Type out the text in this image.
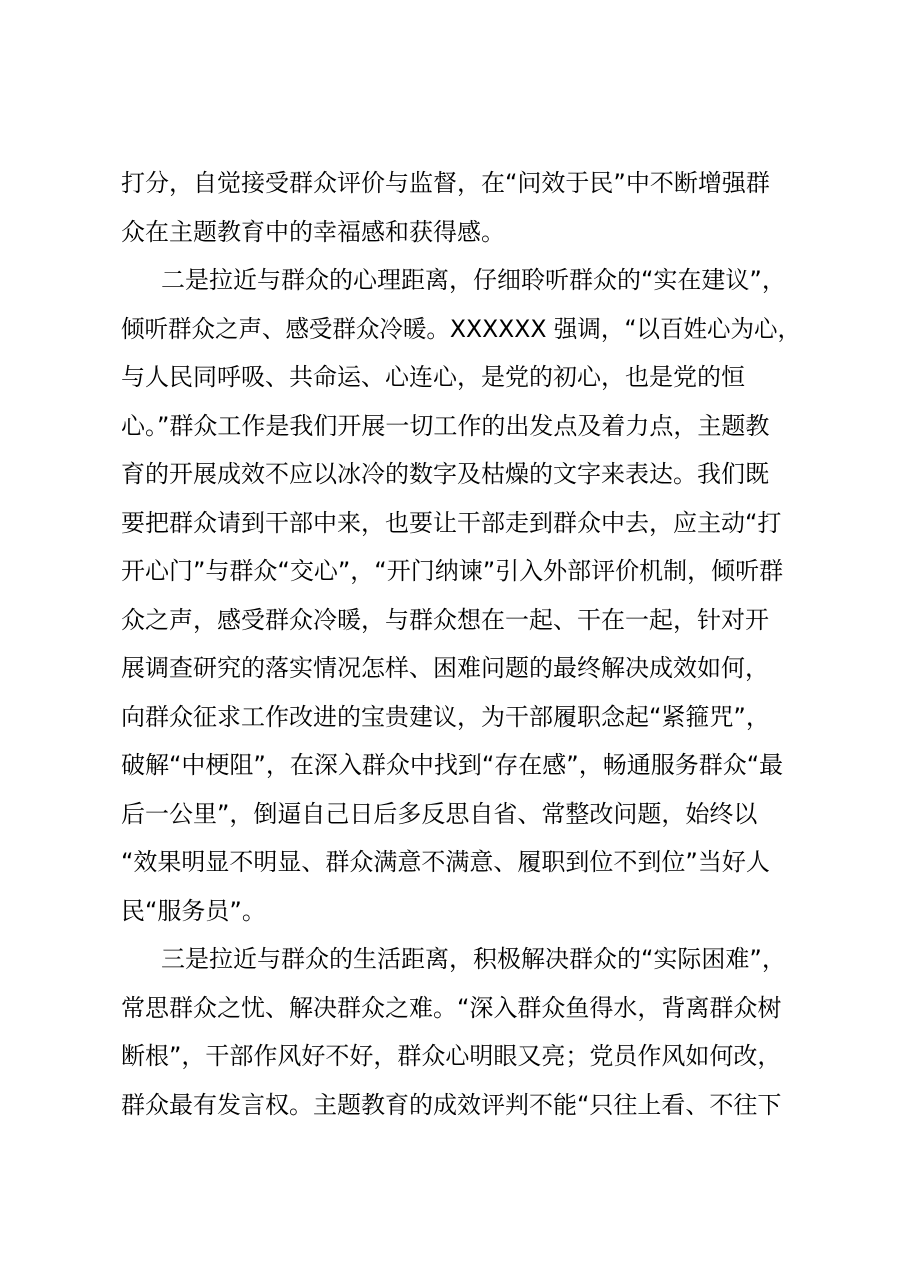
打分，自觉接受群众评价与监督，在“问效于民”中不断增强群
众在主题教育中的幸福感和获得感。
二是拉近与群众的心理距离，仔细聆听群众的“实在建议”，
倾听群众之声、感受群众冷暖。XXXXXX 强调，“以百姓心为心，
与人民同呼吸、共命运、心连心，是党的初心，也是党的恒
心。”群众工作是我们开展一切工作的出发点及着力点，主题教
育的开展成效不应以冰冷的数字及枯燥的文字来表达。我们既
要把群众请到干部中来，也要让干部走到群众中去，应主动“打
开心门”与群众“交心”，“开门纳谏”引入外部评价机制，倾听群
众之声，感受群众冷暖，与群众想在一起、干在一起，针对开
展调查研究的落实情况怎样、困难问题的最终解决成效如何，
向群众征求工作改进的宝贵建议，为干部履职念起“紧箍咒”，
破解“中梗阻”，在深入群众中找到“存在感”，畅通服务群众“最
后一公里”，倒逼自己日后多反思自省、常整改问题，始终以
“效果明显不明显、群众满意不满意、履职到位不到位”当好人
民“服务员”。
三是拉近与群众的生活距离，积极解决群众的“实际困难”，
常思群众之忧、解决群众之难。“深入群众鱼得水，背离群众树
断根”，干部作风好不好，群众心明眼又亮；党员作风如何改，
群众最有发言权。主题教育的成效评判不能“只往上看、不往下
